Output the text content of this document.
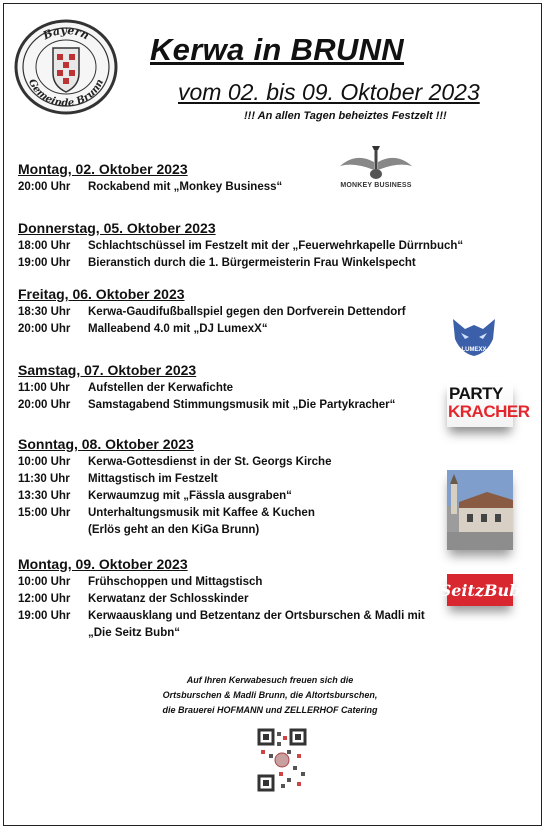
Bayern
Gemeinde Brunn
Kerwa in BRUNN
vom 02. bis 09. Oktober 2023
!!! An allen Tagen beheiztes Festzelt !!!
Montag, 02. Oktober 2023
20:00 Uhr	Rockabend mit „Monkey Business“
Donnerstag, 05. Oktober 2023
18:00 Uhr	Schlachtschüssel im Festzelt mit der „Feuerwehrkapelle Dürrnbuch“
19:00 Uhr	Bieranstich durch die 1. Bürgermeisterin Frau Winkelspecht
Freitag, 06. Oktober 2023
18:30 Uhr	Kerwa-Gaudifußballspiel gegen den Dorfverein Dettendorf
20:00 Uhr	Malleabend 4.0 mit „DJ LumexX“
Samstag, 07. Oktober 2023
11:00 Uhr	Aufstellen der Kerwafichte
20:00 Uhr	Samstagabend Stimmungsmusik mit „Die Partykracher“
Sonntag, 08. Oktober 2023
10:00 Uhr	Kerwa-Gottesdienst in der St. Georgs Kirche
11:30 Uhr	Mittagstisch im Festzelt
13:30 Uhr	Kerwaumzug mit „Fässla ausgraben“
15:00 Uhr	Unterhaltungsmusik mit Kaffee & Kuchen
(Erlös geht an den KiGa Brunn)
Montag, 09. Oktober 2023
10:00 Uhr	Frühschoppen und Mittagstisch
12:00 Uhr	Kerwatanz der Schlosskinder
19:00 Uhr	Kerwaausklang und Betzentanz der Ortsburschen & Madli mit
„Die Seitz Bubn“
MONKEY BUSINESS
LUMEXX
PARTY
KRACHER
SeitzBub
Auf Ihren Kerwabesuch freuen sich die
Ortsburschen & Madli Brunn, die Altortsburschen,
die Brauerei HOFMANN und ZELLERHOF Catering
